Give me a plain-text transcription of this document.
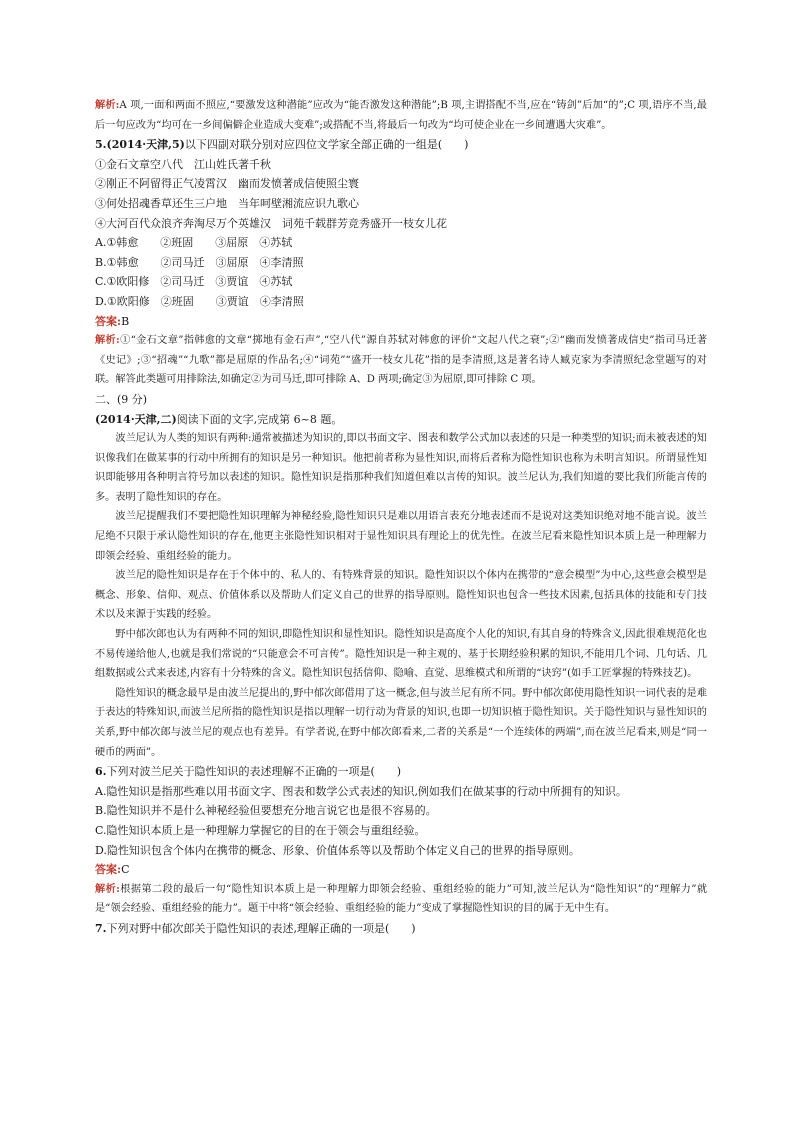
解析:A 项,一面和两面不照应,“要激发这种潜能”应改为“能否激发这种潜能”;B 项,主谓搭配不当,应在“铸剑”后加“的”;C 项,语序不当,最后一句应改为“均可在一乡间偏僻企业造成大变难”;或搭配不当,将最后一句改为“均可使企业在一乡间遭遇大灾难”。

5.(2014·天津,5)以下四副对联分别对应四位文学家全部正确的一组是(　　)

①金石文章空八代　江山姓氏著千秋

②刚正不阿留得正气凌霄汉　幽而发愤著成信使照尘寰

③何处招魂香草还生三户地　当年呵壁湘流应识九歌心

④大河百代众浪齐奔淘尽万个英雄汉　词苑千载群芳竞秀盛开一枝女儿花

A.①韩愈　　②班固　　③屈原　④苏轼

B.①韩愈　　②司马迁　③屈原　④李清照

C.①欧阳修　②司马迁　③贾谊　④苏轼

D.①欧阳修　②班固　　③贾谊　④李清照

答案:B

解析:①“金石文章”指韩愈的文章“掷地有金石声”,“空八代”源自苏轼对韩愈的评价“文起八代之衰”;②“幽而发愤著成信史”指司马迁著《史记》;③“招魂”“九歌”都是屈原的作品名;④“词苑”“盛开一枝女儿花”指的是李清照,这是著名诗人臧克家为李清照纪念堂题写的对联。解答此类题可用排除法,如确定②为司马迁,即可排除 A、D 两项;确定③为屈原,即可排除 C 项。

二、(9 分)

(2014·天津,二)阅读下面的文字,完成第 6~8 题。

波兰尼认为人类的知识有两种:通常被描述为知识的,即以书面文字、图表和数学公式加以表述的只是一种类型的知识;而未被表述的知识像我们在做某事的行动中所拥有的知识是另一种知识。他把前者称为显性知识,而将后者称为隐性知识也称为未明言知识。所谓显性知识即能够用各种明言符号加以表述的知识。隐性知识是指那种我们知道但难以言传的知识。波兰尼认为,我们知道的要比我们所能言传的多。表明了隐性知识的存在。

波兰尼提醒我们不要把隐性知识理解为神秘经验,隐性知识只是难以用语言表充分地表述而不是说对这类知识绝对地不能言说。波兰尼绝不只限于承认隐性知识的存在,他更主张隐性知识相对于显性知识具有理论上的优先性。在波兰尼看来隐性知识本质上是一种理解力即领会经验、重组经验的能力。

波兰尼的隐性知识是存在于个体中的、私人的、有特殊背景的知识。隐性知识以个体内在携带的“意会模型”为中心,这些意会模型是概念、形象、信仰、观点、价值体系以及帮助人们定义自己的世界的指导原则。隐性知识也包含一些技术因素,包括具体的技能和专门技术以及来源于实践的经验。

野中郁次郎也认为有两种不同的知识,即隐性知识和显性知识。隐性知识是高度个人化的知识,有其自身的特殊含义,因此很难规范化也不易传递给他人,也就是我们常说的“只能意会不可言传”。隐性知识是一种主观的、基于长期经验积累的知识,不能用几个词、几句话、几组数据或公式来表述,内容有十分特殊的含义。隐性知识包括信仰、隐喻、直觉、思维模式和所谓的“诀窍”(如手工匠掌握的特殊技艺)。

隐性知识的概念最早是由波兰尼提出的,野中郁次郎借用了这一概念,但与波兰尼有所不同。野中郁次郎使用隐性知识一词代表的是难于表达的特殊知识,而波兰尼所指的隐性知识是指以理解一切行动为背景的知识,也即一切知识植于隐性知识。关于隐性知识与显性知识的关系,野中郁次郎与波兰尼的观点也有差异。有学者说,在野中郁次郎看来,二者的关系是“一个连续体的两端”,而在波兰尼看来,则是“同一硬币的两面”。

6.下列对波兰尼关于隐性知识的表述理解不正确的一项是(　　)

A.隐性知识是指那些难以用书面文字、图表和数学公式表述的知识,例如我们在做某事的行动中所拥有的知识。

B.隐性知识并不是什么神秘经验但要想充分地言说它也是很不容易的。

C.隐性知识本质上是一种理解力掌握它的目的在于领会与重组经验。

D.隐性知识包含个体内在携带的概念、形象、价值体系等以及帮助个体定义自己的世界的指导原则。

答案:C

解析:根据第二段的最后一句“隐性知识本质上是一种理解力即领会经验、重组经验的能力”可知,波兰尼认为“隐性知识”的“理解力”就是“领会经验、重组经验的能力”。题干中将“领会经验、重组经验的能力”变成了掌握隐性知识的目的属于无中生有。

7.下列对野中郁次郎关于隐性知识的表述,理解正确的一项是(　　)
